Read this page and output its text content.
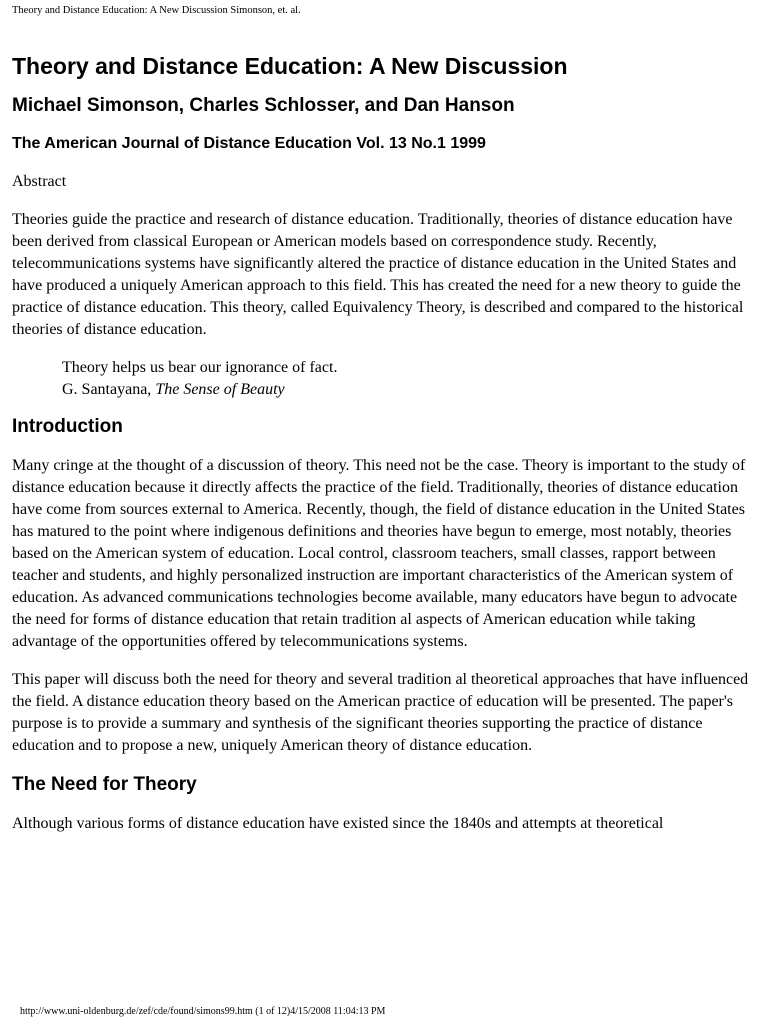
Theory and Distance Education: A New Discussion Simonson, et. al.
Theory and Distance Education: A New Discussion
Michael Simonson, Charles Schlosser, and Dan Hanson
The American Journal of Distance Education Vol. 13 No.1 1999
Abstract

Theories guide the practice and research of distance education. Traditionally, theories of distance education have been derived from classical European or American models based on correspondence study. Recently, telecommunications systems have significantly altered the practice of distance education in the United States and have produced a uniquely American approach to this field. This has created the need for a new theory to guide the practice of distance education. This theory, called Equivalency Theory, is described and compared to the historical theories of distance education.

Theory helps us bear our ignorance of fact.
G. Santayana, The Sense of Beauty
Introduction

Many cringe at the thought of a discussion of theory. This need not be the case. Theory is important to the study of distance education because it directly affects the practice of the field. Traditionally, theories of distance education have come from sources external to America. Recently, though, the field of distance education in the United States has matured to the point where indigenous definitions and theories have begun to emerge, most notably, theories based on the American system of education. Local control, classroom teachers, small classes, rapport between teacher and students, and highly personalized instruction are important characteristics of the American system of education. As advanced communications technologies become available, many educators have begun to advocate the need for forms of distance education that retain tradition al aspects of American education while taking advantage of the opportunities offered by telecommunications systems.

This paper will discuss both the need for theory and several tradition al theoretical approaches that have influenced the field. A distance education theory based on the American practice of education will be presented. The paper's purpose is to provide a summary and synthesis of the significant theories supporting the practice of distance education and to propose a new, uniquely American theory of distance education.

The Need for Theory

Although various forms of distance education have existed since the 1840s and attempts at theoretical

http://www.uni-oldenburg.de/zef/cde/found/simons99.htm (1 of 12)4/15/2008 11:04:13 PM
